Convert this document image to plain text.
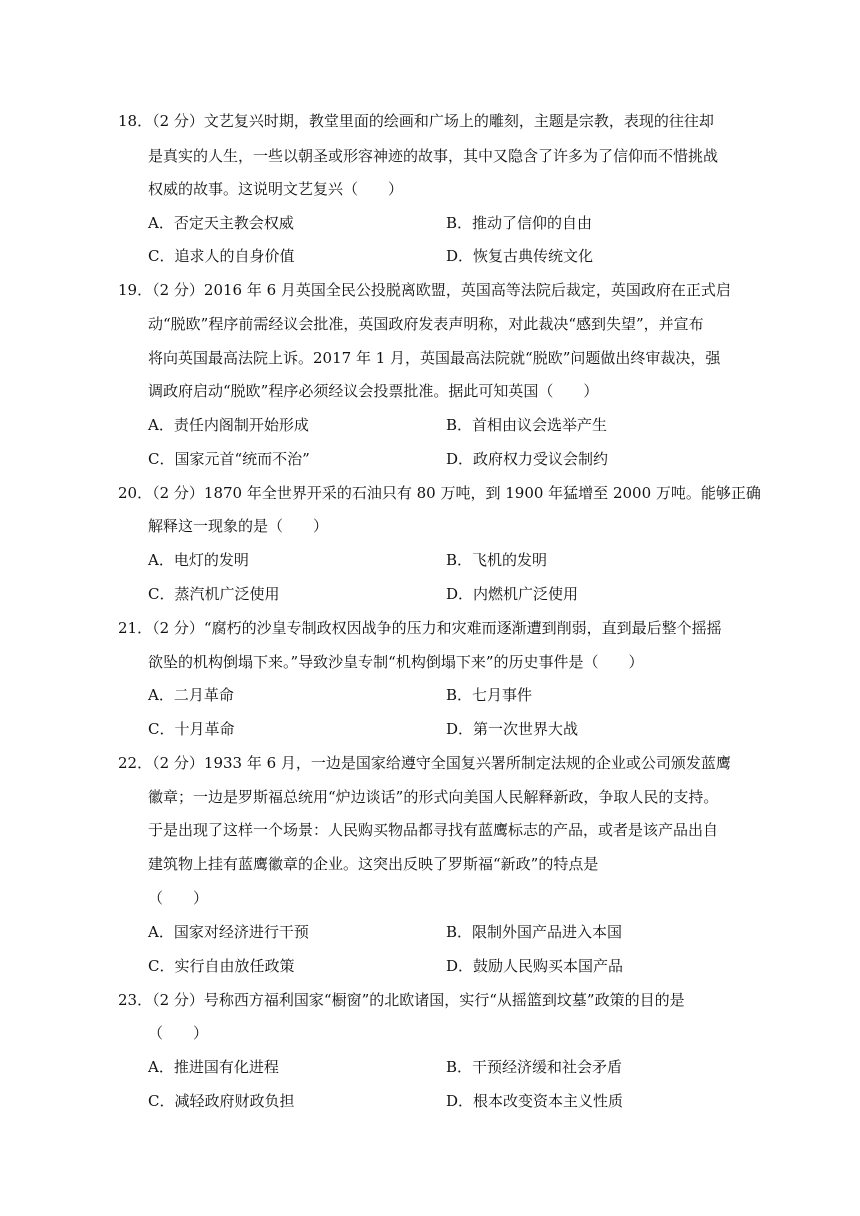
18．（2 分）文艺复兴时期，教堂里面的绘画和广场上的雕刻，主题是宗教，表现的往往却
是真实的人生，一些以朝圣或形容神迹的故事，其中又隐含了许多为了信仰而不惜挑战
权威的故事。这说明文艺复兴（　　）
A．否定天主教会权威	B．推动了信仰的自由
C．追求人的自身价值	D．恢复古典传统文化
19．（2 分）2016 年 6 月英国全民公投脱离欧盟，英国高等法院后裁定，英国政府在正式启
动“脱欧”程序前需经议会批准，英国政府发表声明称，对此裁决“感到失望”，并宣布
将向英国最高法院上诉。2017 年 1 月，英国最高法院就“脱欧”问题做出终审裁决，强
调政府启动“脱欧”程序必须经议会投票批准。据此可知英国（　　）
A．责任内阁制开始形成	B．首相由议会选举产生
C．国家元首“统而不治”	D．政府权力受议会制约
20．（2 分）1870 年全世界开采的石油只有 80 万吨，到 1900 年猛增至 2000 万吨。能够正确
解释这一现象的是（　　）
A．电灯的发明	B．飞机的发明
C．蒸汽机广泛使用	D．内燃机广泛使用
21．（2 分）“腐朽的沙皇专制政权因战争的压力和灾难而逐渐遭到削弱，直到最后整个摇摇
欲坠的机构倒塌下来。”导致沙皇专制“机构倒塌下来”的历史事件是（　　）
A．二月革命	B．七月事件
C．十月革命	D．第一次世界大战
22．（2 分）1933 年 6 月，一边是国家给遵守全国复兴署所制定法规的企业或公司颁发蓝鹰
徽章；一边是罗斯福总统用“炉边谈话”的形式向美国人民解释新政，争取人民的支持。
于是出现了这样一个场景：人民购买物品都寻找有蓝鹰标志的产品，或者是该产品出自
建筑物上挂有蓝鹰徽章的企业。这突出反映了罗斯福“新政”的特点是
（　　）
A．国家对经济进行干预	B．限制外国产品进入本国
C．实行自由放任政策	D．鼓励人民购买本国产品
23．（2 分）号称西方福利国家“橱窗”的北欧诸国，实行“从摇篮到坟墓”政策的目的是
（　　）
A．推进国有化进程	B．干预经济缓和社会矛盾
C．减轻政府财政负担	D．根本改变资本主义性质
